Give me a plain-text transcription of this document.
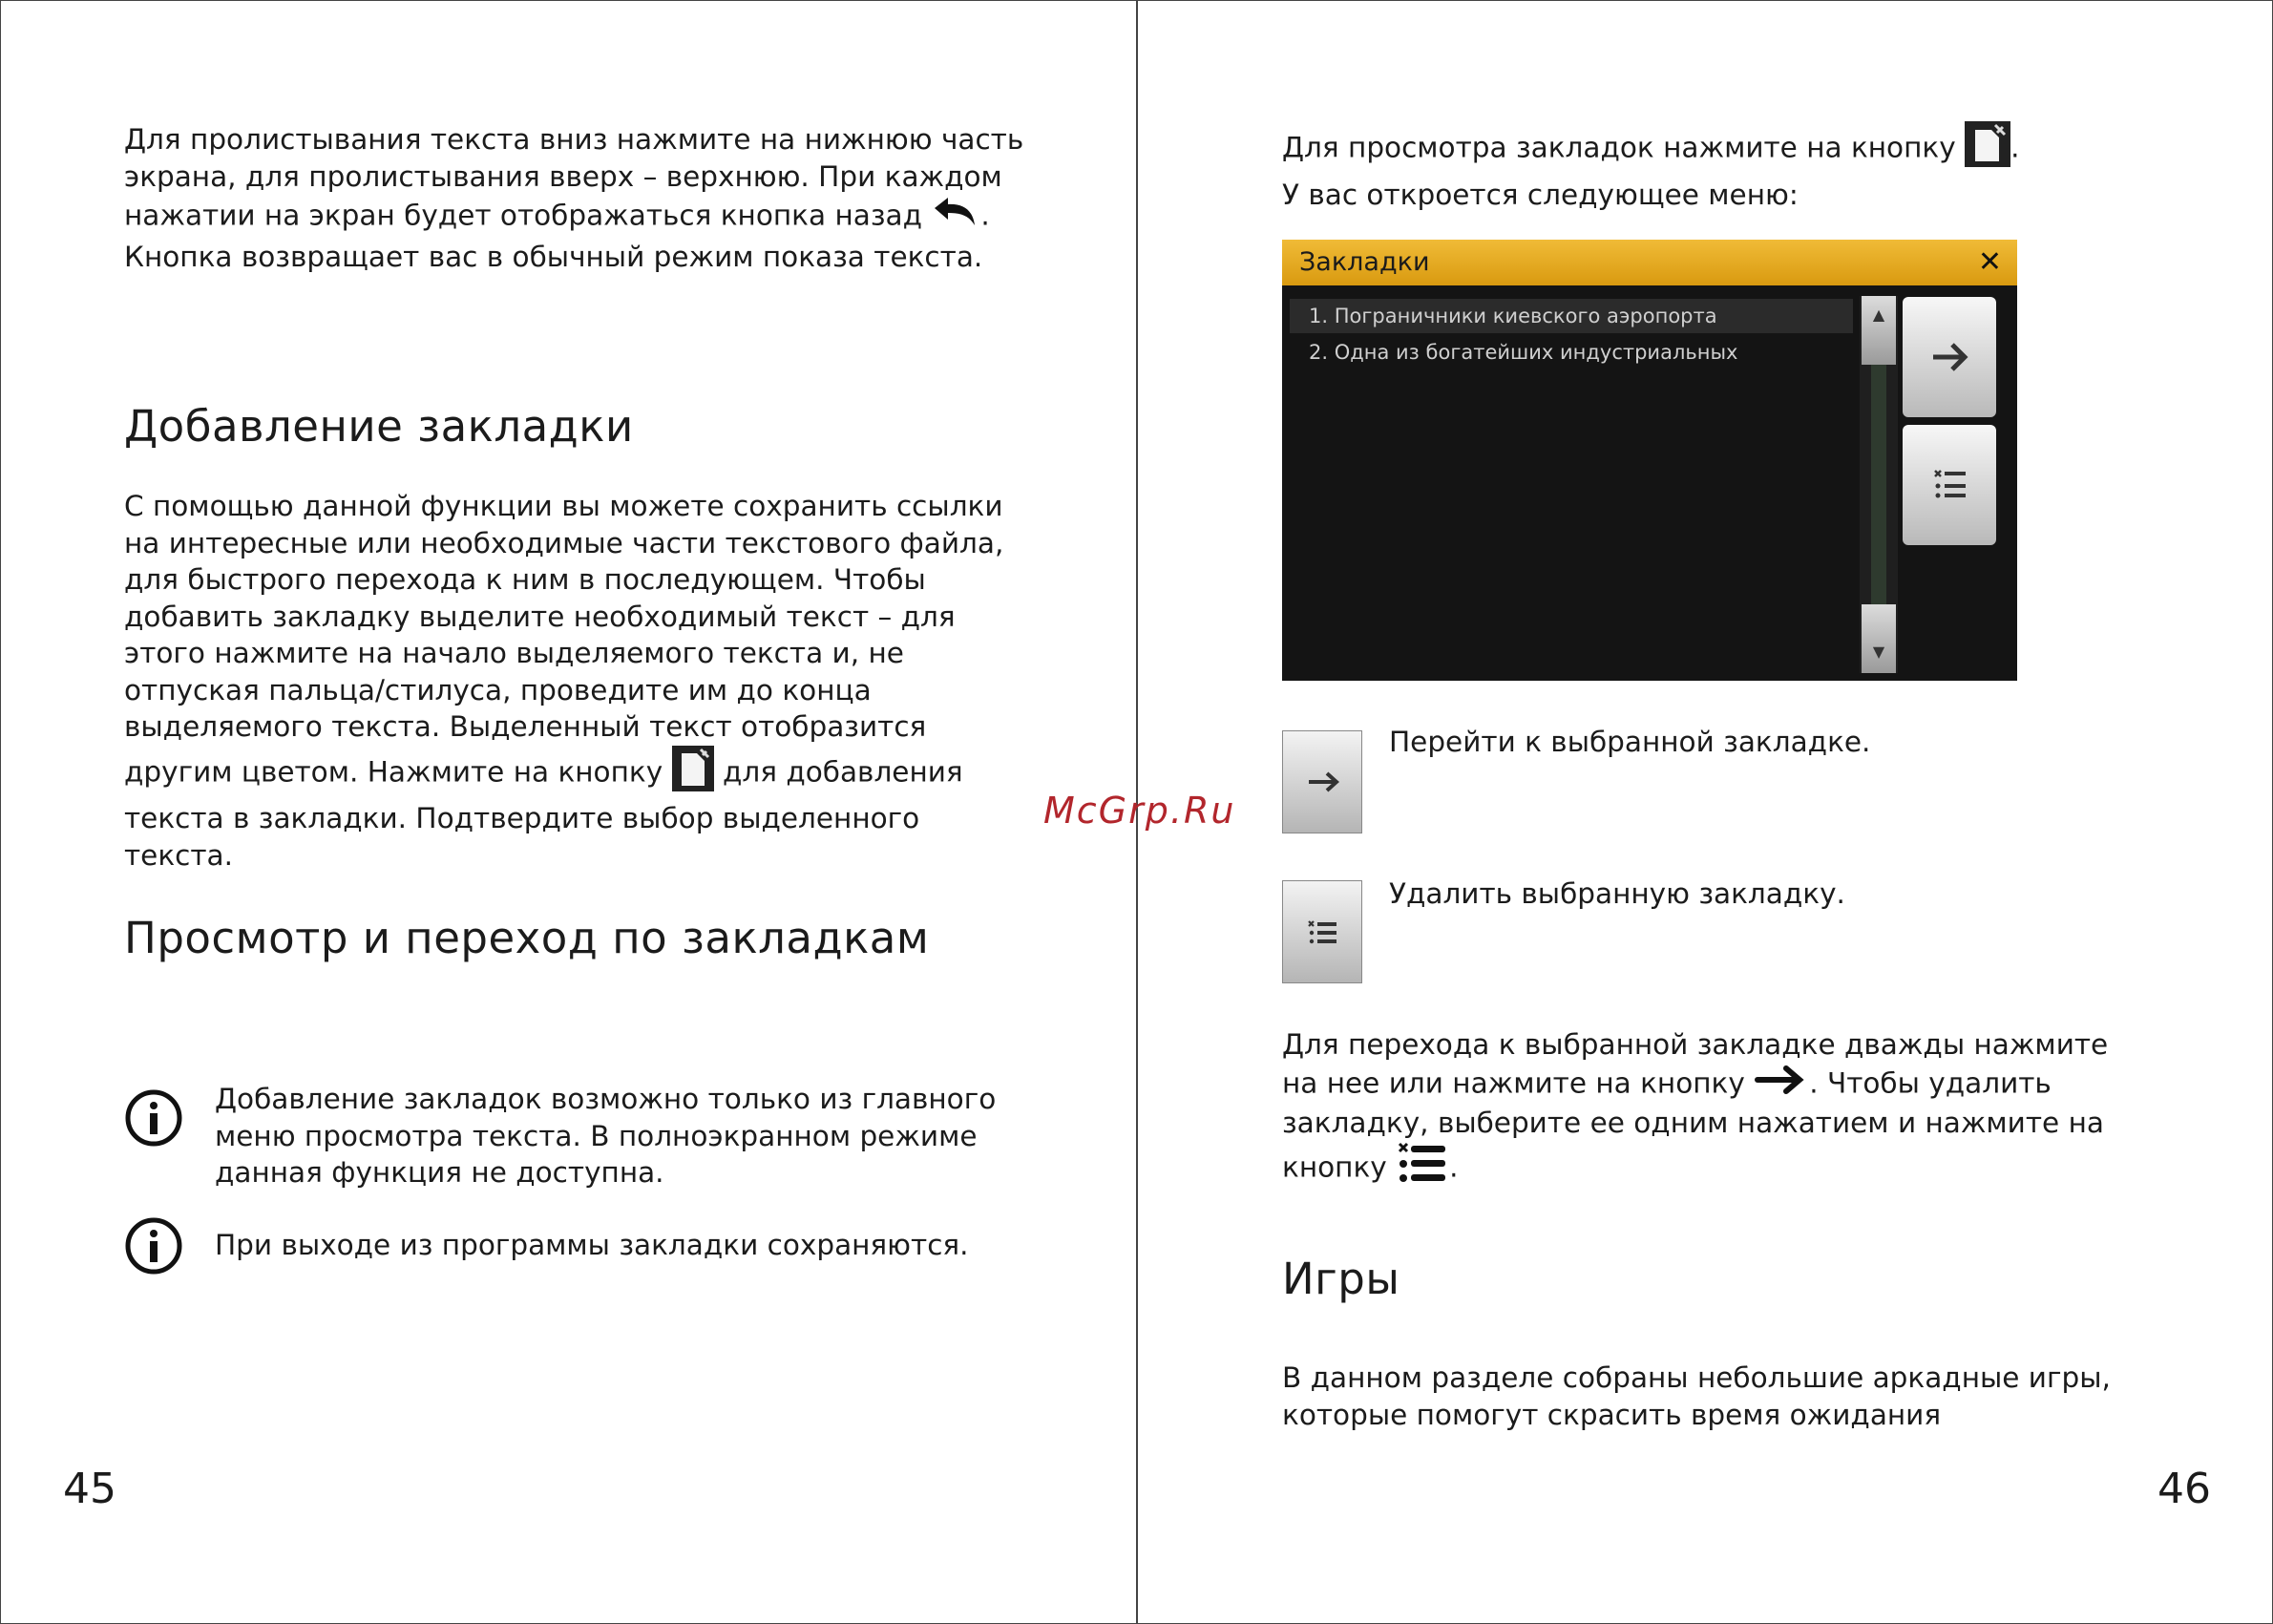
Для пролистывания текста вниз нажмите на нижнюю часть экрана, для пролистывания вверх – верхнюю. При каждом нажатии на экран будет отображаться кнопка назад . Кнопка возвращает вас в обычный режим показа текста.

Добавление закладки

С помощью данной функции вы можете сохранить ссылки на интересные или необходимые части текстового файла, для быстрого перехода к ним в последующем. Чтобы добавить закладку выделите необходимый текст – для этого нажмите на начало выделяемого текста и, не отпуская пальца/стилуса, проведите им до конца выделяемого текста. Выделенный текст отобразится другим цветом. Нажмите на кнопку для добавления текста в закладки. Подтвердите выбор выделенного текста.

Просмотр и переход по закладкам

Добавление закладок возможно только из главного меню просмотра текста. В полноэкранном режиме данная функция не доступна.

При выходе из программы закладки сохраняются.

45
McGrp.Ru

Для просмотра закладок нажмите на кнопку .
У вас откроется следующее меню:

Закладки	✕
1. Пограничники киевского аэропорта
2. Одна из богатейших индустриальных
▲
▼

Перейти к выбранной закладке.

Удалить выбранную закладку.

Для перехода к выбранной закладке дважды нажмите на нее или нажмите на кнопку . Чтобы удалить закладку, выберите ее одним нажатием и нажмите на кнопку .

Игры

В данном разделе собраны небольшие аркадные игры, которые помогут скрасить время ожидания

46
